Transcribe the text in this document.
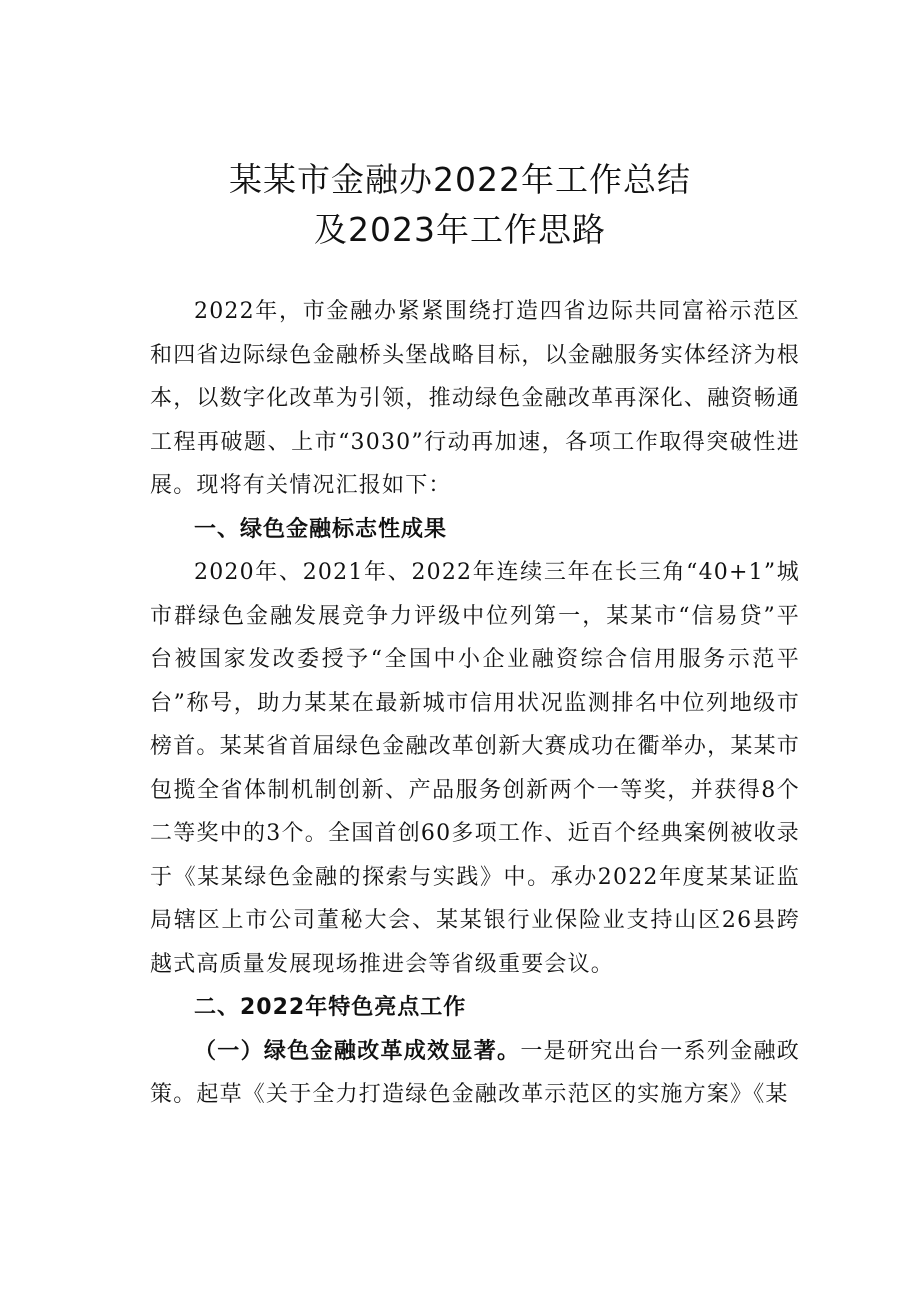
某某市金融办2022年工作总结
及2023年工作思路

2022年，市金融办紧紧围绕打造四省边际共同富裕示范区和四省边际绿色金融桥头堡战略目标，以金融服务实体经济为根本，以数字化改革为引领，推动绿色金融改革再深化、融资畅通工程再破题、上市“3030”行动再加速，各项工作取得突破性进展。现将有关情况汇报如下：

一、绿色金融标志性成果

2020年、2021年、2022年连续三年在长三角“40+1”城市群绿色金融发展竞争力评级中位列第一，某某市“信易贷”平台被国家发改委授予“全国中小企业融资综合信用服务示范平台”称号，助力某某在最新城市信用状况监测排名中位列地级市榜首。某某省首届绿色金融改革创新大赛成功在衢举办，某某市包揽全省体制机制创新、产品服务创新两个一等奖，并获得8个二等奖中的3个。全国首创60多项工作、近百个经典案例被收录于《某某绿色金融的探索与实践》中。承办2022年度某某证监局辖区上市公司董秘大会、某某银行业保险业支持山区26县跨越式高质量发展现场推进会等省级重要会议。

二、2022年特色亮点工作

（一）绿色金融改革成效显著。一是研究出台一系列金融政策。起草《关于全力打造绿色金融改革示范区的实施方案》《某
